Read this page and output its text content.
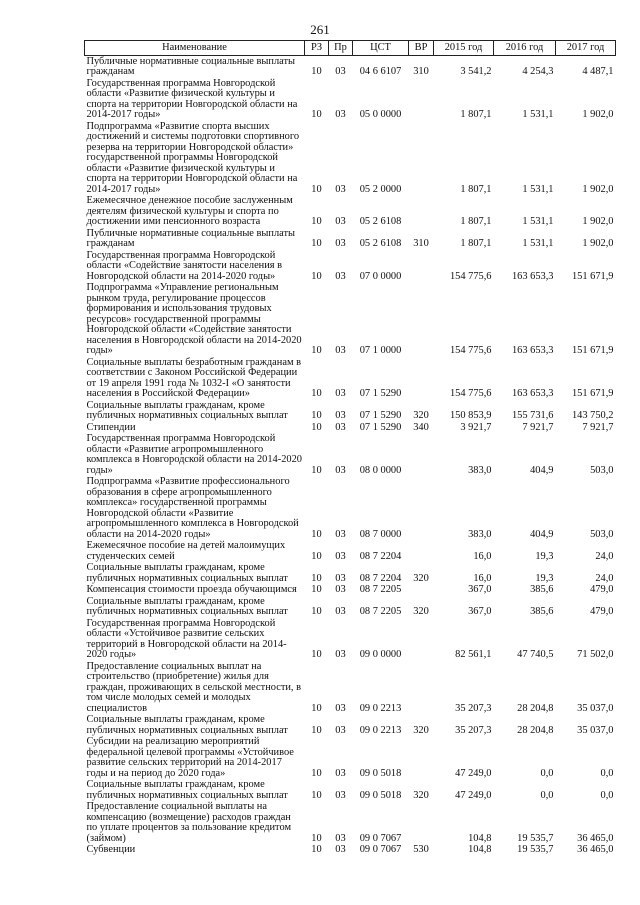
261
Наименование	РЗ	Пр	ЦСТ	ВР	2015 год	2016 год	2017 год
Публичные нормативные социальные выплаты гражданам	10	03	04 6 6107	310	3 541,2	4 254,3	4 487,1
Государственная программа Новгородской области «Развитие физической культуры и спорта на территории Новгородской области на 2014-2017 годы»	10	03	05 0 0000		1 807,1	1 531,1	1 902,0
Подпрограмма «Развитие спорта высших достижений и системы подготовки спортивного резерва на территории Новгородской области» государственной программы Новгородской области «Развитие физической культуры и спорта на территории Новгородской области на 2014-2017 годы»	10	03	05 2 0000		1 807,1	1 531,1	1 902,0
Ежемесячное денежное пособие заслуженным деятелям физической культуры и спорта по достижении ими пенсионного возраста	10	03	05 2 6108		1 807,1	1 531,1	1 902,0
Публичные нормативные социальные выплаты гражданам	10	03	05 2 6108	310	1 807,1	1 531,1	1 902,0
Государственная программа Новгородской области «Содействие занятости населения в Новгородской области на 2014-2020 годы»	10	03	07 0 0000		154 775,6	163 653,3	151 671,9
Подпрограмма «Управление региональным рынком труда, регулирование процессов формирования и использования трудовых ресурсов» государственной программы Новгородской области «Содействие занятости населения в Новгородской области на 2014-2020 годы»	10	03	07 1 0000		154 775,6	163 653,3	151 671,9
Социальные выплаты безработным гражданам в соответствии с Законом Российской Федерации от 19 апреля 1991 года № 1032-I «О занятости населения в Российской Федерации»	10	03	07 1 5290		154 775,6	163 653,3	151 671,9
Социальные выплаты гражданам, кроме публичных нормативных социальных выплат	10	03	07 1 5290	320	150 853,9	155 731,6	143 750,2
Стипендии	10	03	07 1 5290	340	3 921,7	7 921,7	7 921,7
Государственная программа Новгородской области «Развитие агропромышленного комплекса в Новгородской области на 2014-2020 годы»	10	03	08 0 0000		383,0	404,9	503,0
Подпрограмма «Развитие профессионального образования в сфере агропромышленного комплекса» государственной программы Новгородской области «Развитие агропромышленного комплекса в Новгородской области на 2014-2020 годы»	10	03	08 7 0000		383,0	404,9	503,0
Ежемесячное пособие на детей малоимущих студенческих семей	10	03	08 7 2204		16,0	19,3	24,0
Социальные выплаты гражданам, кроме публичных нормативных социальных выплат	10	03	08 7 2204	320	16,0	19,3	24,0
Компенсация стоимости проезда обучающимся	10	03	08 7 2205		367,0	385,6	479,0
Социальные выплаты гражданам, кроме публичных нормативных социальных выплат	10	03	08 7 2205	320	367,0	385,6	479,0
Государственная программа Новгородской области «Устойчивое развитие сельских территорий в Новгородской области на 2014-2020 годы»	10	03	09 0 0000		82 561,1	47 740,5	71 502,0
Предоставление социальных выплат на строительство (приобретение) жилья для граждан, проживающих в сельской местности, в том числе молодых семей и молодых специалистов	10	03	09 0 2213		35 207,3	28 204,8	35 037,0
Социальные выплаты гражданам, кроме публичных нормативных социальных выплат	10	03	09 0 2213	320	35 207,3	28 204,8	35 037,0
Субсидии на реализацию мероприятий федеральной целевой программы «Устойчивое развитие сельских территорий на 2014-2017 годы и на период до 2020 года»	10	03	09 0 5018		47 249,0	0,0	0,0
Социальные выплаты гражданам, кроме публичных нормативных социальных выплат	10	03	09 0 5018	320	47 249,0	0,0	0,0
Предоставление социальной выплаты на компенсацию (возмещение) расходов граждан по уплате процентов за пользование кредитом (займом)	10	03	09 0 7067		104,8	19 535,7	36 465,0
Субвенции	10	03	09 0 7067	530	104,8	19 535,7	36 465,0
